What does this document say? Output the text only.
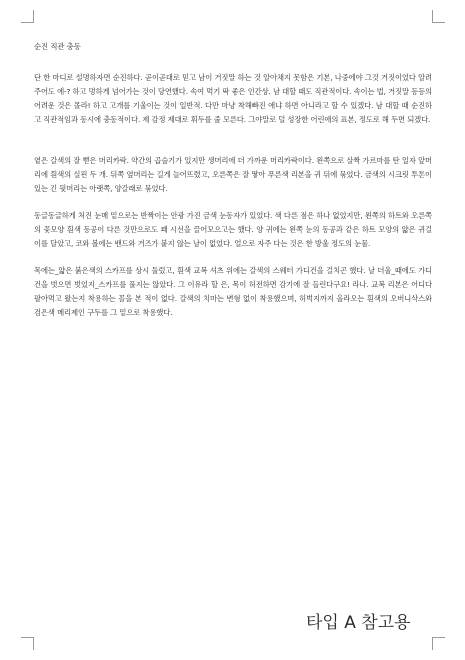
순진 직관 충동

단 한 마디로 설명하자면 순진하다. 곧이곧대로 믿고 남이 거짓말 하는 것 알아채지 못함은 기본, 나중에야 그것 거짓이었다 알려주어도 에-? 하고 멍하게 넘어가는 것이 당연했다. 속여 먹기 딱 좋은 인간상. 남 대할 때도 직관적이다. 속이는 법, 거짓말 등등의 어려운 것은 몰라! 하고 고개를 기울이는 것이 일반적. 다만 마냥 착해빠진 애냐 하면 아니라고 할 수 있겠다. 남 대할 때 순진하고 직관적임과 동시에 충동적이다. 제 감정 제대로 휘두를 줄 모른다. 그야말로 덜 성장한 어린애의 표본, 정도로 해 두면 되겠다.

옅은 갈색의 잘 뻗은 머리카락. 약간의 곱슬기가 있지만 생머리에 더 가까운 머리카락이다. 왼쪽으로 살짝 가르마를 탄 일자 앞머리에 흰색의 실핀 두 개. 뒤쪽 옆머리는 길게 늘어뜨렸고, 오른쪽은 잘 땋아 푸른색 리본을 귀 뒤에 묶었다. 금색의 시크릿 투톤이 있는 긴 뒷머리는 아랫쪽, 양갈래로 묶었다.

동글동글하게 처진 눈매 밑으로는 반짝이는 안광 가진 금색 눈동자가 있었다. 색 다른 점은 하나 없었지만, 왼쪽의 하트와 오른쪽의 꽃모양 흰색 동공이 다른 것만으로도 꽤 시선을 끌어모으고는 했다. 양 귀에는 왼쪽 눈의 동공과 같은 하트 모양의 얇은 귀걸이를 달았고, 코와 볼에는 밴드와 거즈가 붙지 않는 날이 없었다. 얼으로 자주 다는 것은 한 방울 정도의 눈물.

목에는_얇은 붉은색의 스카프를 상시 둘렀고, 흰색 교복 셔츠 위에는 갈색의 스웨터 가디건을 걸치곤 했다. 날 더울_때에도 가디건을 벗으면 벗었지_스카프를 풀지는 않았다. 그 이유라 할 은, 목이 허전하면 감기에 잘 들린다구요! 라나. 교복 리본은 어디다 팔아먹고 왔는지 착용하는 꼴을 본 적이 없다. 갈색의 치마는 변형 없이 착용했으며, 허벅지까지 올라오는 흰색의 오버니삭스와 검은색 메리제인 구두를 그 밑으로 착용했다.

타입 A 참고용
